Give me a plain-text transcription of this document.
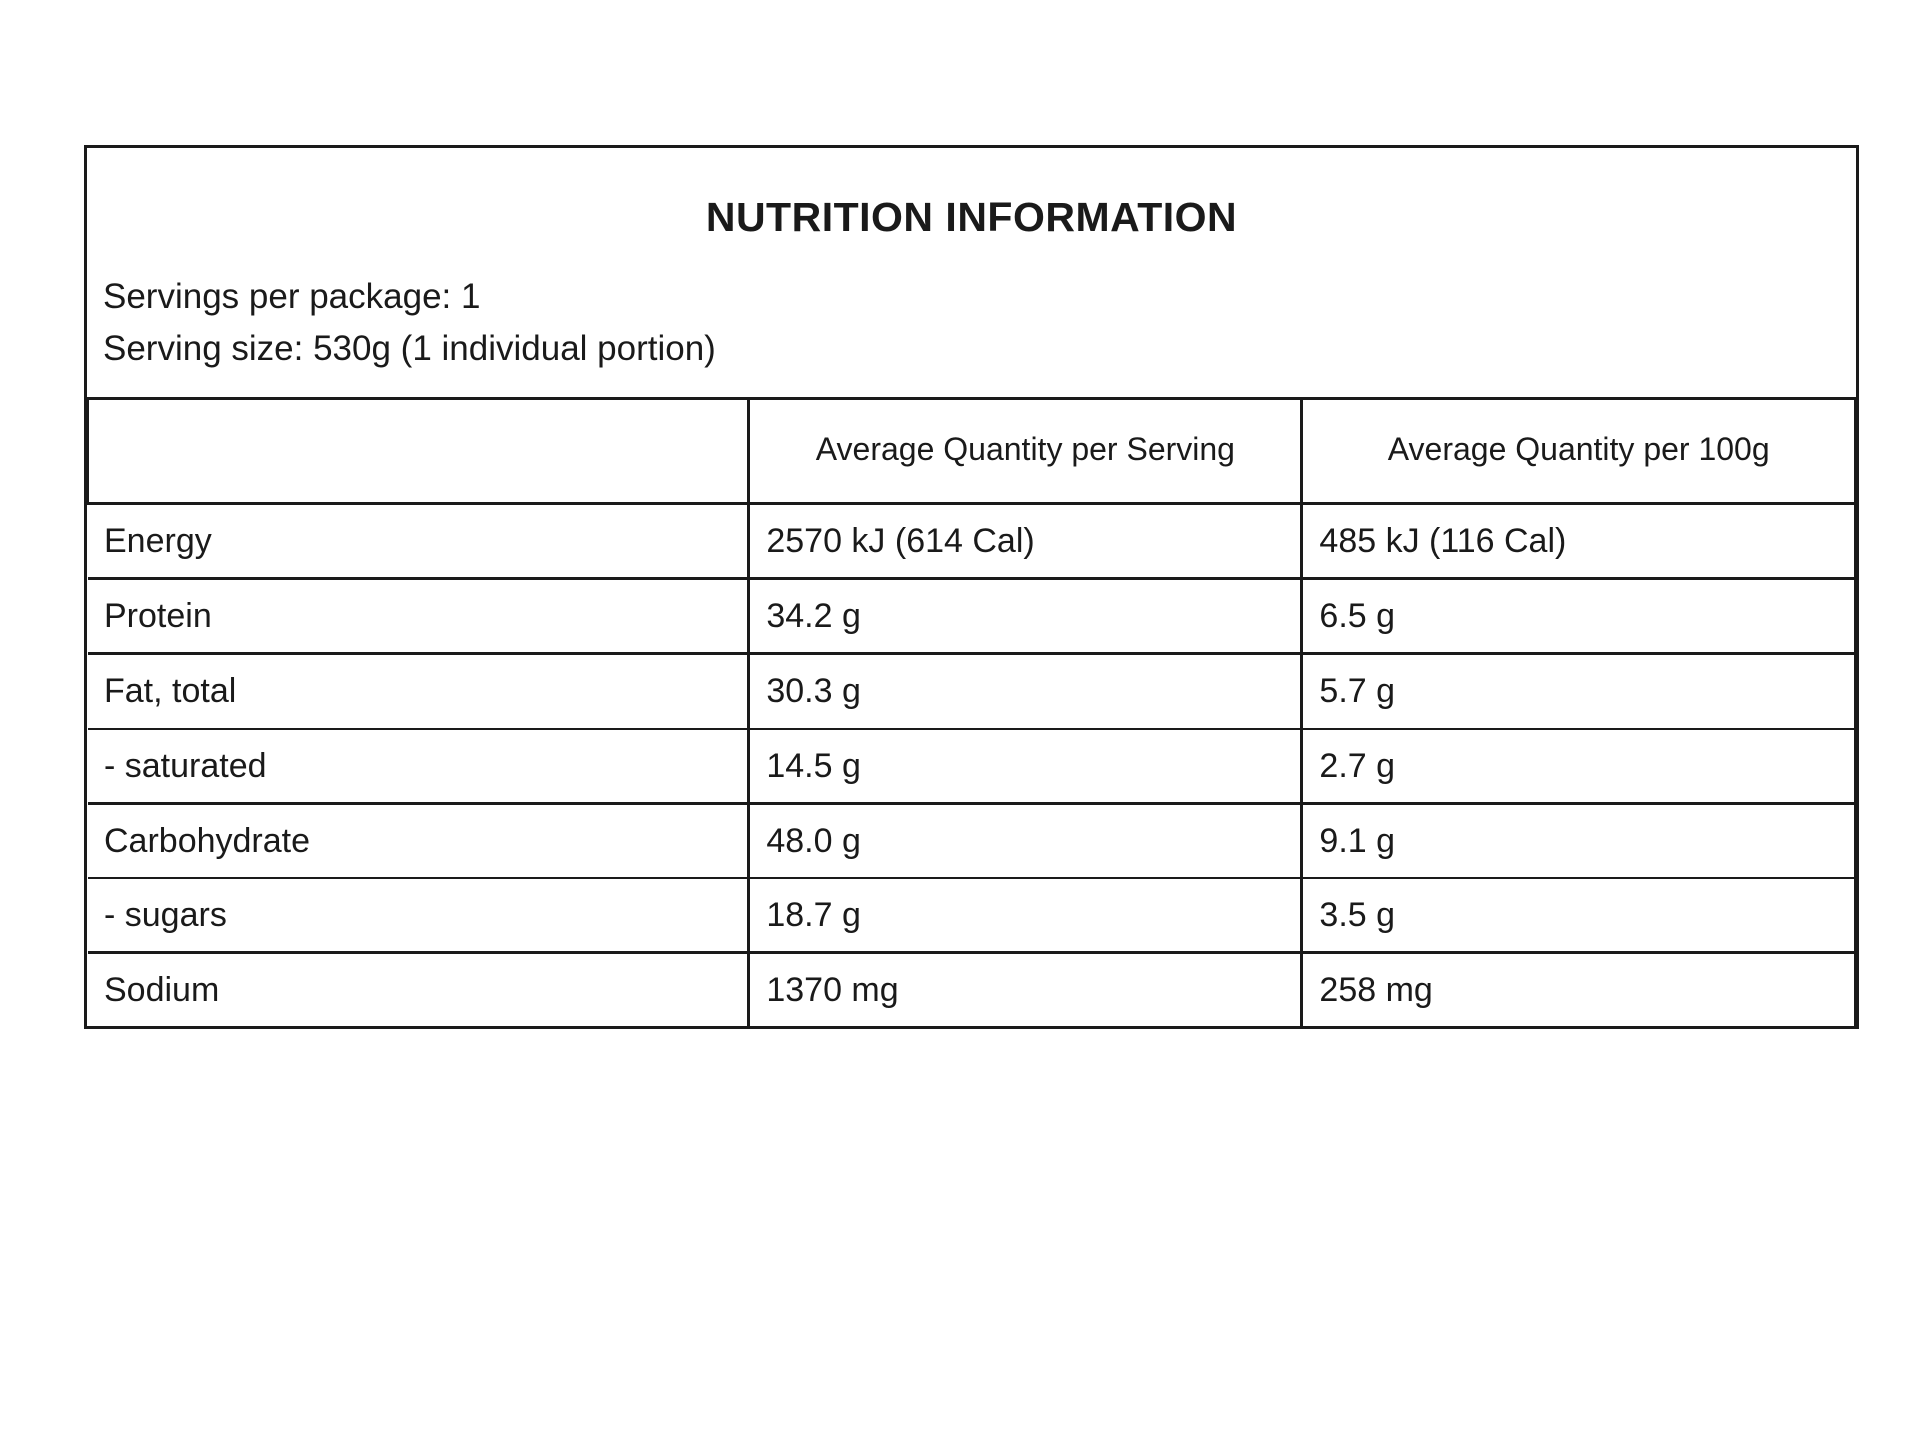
NUTRITION INFORMATION
Servings per package: 1
Serving size: 530g (1 individual portion)
	Average Quantity per Serving	Average Quantity per 100g
Energy	2570 kJ (614 Cal)	485 kJ (116 Cal)
Protein	34.2 g	6.5 g
Fat, total	30.3 g	5.7 g
- saturated	14.5 g	2.7 g
Carbohydrate	48.0 g	9.1 g
- sugars	18.7 g	3.5 g
Sodium	1370 mg	258 mg
